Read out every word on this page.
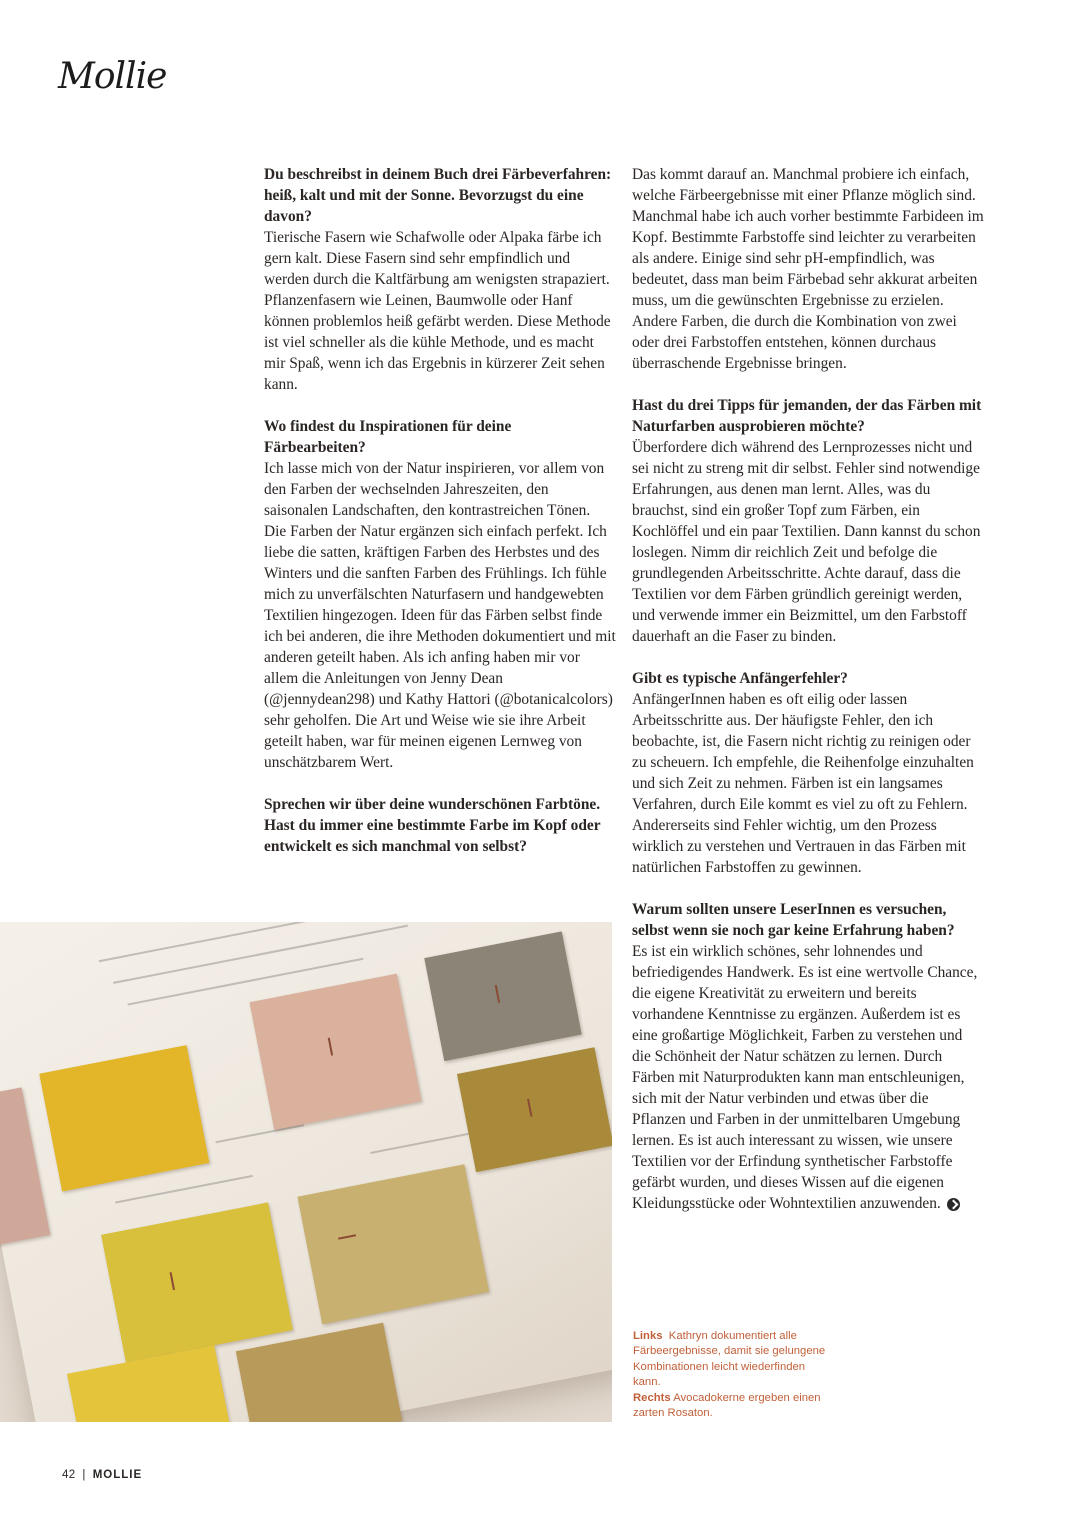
Mollie

Du beschreibst in deinem Buch drei Färbeverfahren: heiß, kalt und mit der Sonne. Bevorzugst du eine davon?

Tierische Fasern wie Schafwolle oder Alpaka färbe ich gern kalt. Diese Fasern sind sehr empfindlich und werden durch die Kaltfärbung am wenigsten strapaziert. Pflanzenfasern wie Leinen, Baumwolle oder Hanf können problemlos heiß gefärbt werden. Diese Methode ist viel schneller als die kühle Methode, und es macht mir Spaß, wenn ich das Ergebnis in kürzerer Zeit sehen kann.

Wo findest du Inspirationen für deine Färbearbeiten?

Ich lasse mich von der Natur inspirieren, vor allem von den Farben der wechselnden Jahreszeiten, den saisonalen Landschaften, den kontrastreichen Tönen. Die Farben der Natur ergänzen sich einfach perfekt. Ich liebe die satten, kräftigen Farben des Herbstes und des Winters und die sanften Farben des Frühlings. Ich fühle mich zu unverfälschten Naturfasern und handgewebten Textilien hingezogen. Ideen für das Färben selbst finde ich bei anderen, die ihre Methoden dokumentiert und mit anderen geteilt haben. Als ich anfing haben mir vor allem die Anleitungen von Jenny Dean (@jennydean298) und Kathy Hattori (@botanicalcolors) sehr geholfen. Die Art und Weise wie sie ihre Arbeit geteilt haben, war für meinen eigenen Lernweg von unschätzbarem Wert.

Sprechen wir über deine wunderschönen Farbtöne. Hast du immer eine bestimmte Farbe im Kopf oder entwickelt es sich manchmal von selbst?

Das kommt darauf an. Manchmal probiere ich einfach, welche Färbeergebnisse mit einer Pflanze möglich sind. Manchmal habe ich auch vorher bestimmte Farbideen im Kopf. Bestimmte Farbstoffe sind leichter zu verarbeiten als andere. Einige sind sehr pH-empfindlich, was bedeutet, dass man beim Färbebad sehr akkurat arbeiten muss, um die gewünschten Ergebnisse zu erzielen. Andere Farben, die durch die Kombination von zwei oder drei Farbstoffen entstehen, können durchaus überraschende Ergebnisse bringen.

Hast du drei Tipps für jemanden, der das Färben mit Naturfarben ausprobieren möchte?

Überfordere dich während des Lernprozesses nicht und sei nicht zu streng mit dir selbst. Fehler sind notwendige Erfahrungen, aus denen man lernt. Alles, was du brauchst, sind ein großer Topf zum Färben, ein Kochlöffel und ein paar Textilien. Dann kannst du schon loslegen. Nimm dir reichlich Zeit und befolge die grundlegenden Arbeitsschritte. Achte darauf, dass die Textilien vor dem Färben gründlich gereinigt werden, und verwende immer ein Beizmittel, um den Farbstoff dauerhaft an die Faser zu binden.

Gibt es typische Anfängerfehler?

AnfängerInnen haben es oft eilig oder lassen Arbeitsschritte aus. Der häufigste Fehler, den ich beobachte, ist, die Fasern nicht richtig zu reinigen oder zu scheuern. Ich empfehle, die Reihenfolge einzuhalten und sich Zeit zu nehmen. Färben ist ein langsames Verfahren, durch Eile kommt es viel zu oft zu Fehlern. Andererseits sind Fehler wichtig, um den Prozess wirklich zu verstehen und Vertrauen in das Färben mit natürlichen Farbstoffen zu gewinnen.

Warum sollten unsere LeserInnen es versuchen, selbst wenn sie noch gar keine Erfahrung haben?

Es ist ein wirklich schönes, sehr lohnendes und befriedigendes Handwerk. Es ist eine wertvolle Chance, die eigene Kreativität zu erweitern und bereits vorhandene Kenntnisse zu ergänzen. Außerdem ist es eine großartige Möglichkeit, Farben zu verstehen und die Schönheit der Natur schätzen zu lernen. Durch Färben mit Naturprodukten kann man entschleunigen, sich mit der Natur verbinden und etwas über die Pflanzen und Farben in der unmittelbaren Umgebung lernen. Es ist auch interessant zu wissen, wie unsere Textilien vor der Erfindung synthetischer Farbstoffe gefärbt wurden, und dieses Wissen auf die eigenen Kleidungsstücke oder Wohntextilien anzuwenden.

Links Kathryn dokumentiert alle Färbeergebnisse, damit sie gelungene Kombinationen leicht wiederfinden kann.
Rechts Avocadokerne ergeben einen zarten Rosaton.
42 | MOLLIE
